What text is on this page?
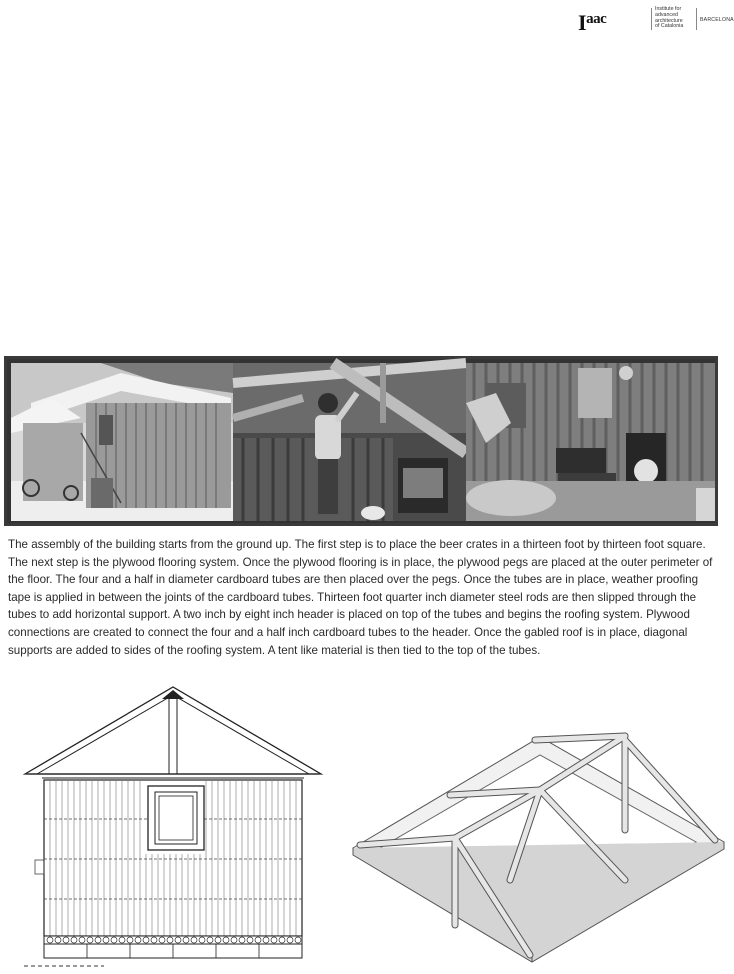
$I^{aac}$
Institute for
advanced
architecture
of Catalonia
BARCELONA

The assembly of the building starts from the ground up. The first step is to place the beer crates in a thirteen foot by thirteen foot square. The next step is the plywood flooring system. Once the plywood flooring is in place, the plywood pegs are placed at the outer perimeter of the floor. The four and a half in diameter cardboard tubes are then placed over the pegs. Once the tubes are in place, weather proofing tape is applied in between the joints of the cardboard tubes. Thirteen foot quarter inch diameter steel rods are then slipped through the tubes to add horizontal support. A two inch by eight inch header is placed on top of the tubes and begins the roofing system. Plywood connections are created to connect the four and a half inch cardboard tubes to the header. Once the gabled roof is in place, diagonal supports are added to sides of the roofing system. A tent like material is then tied to the top of the tubes.
